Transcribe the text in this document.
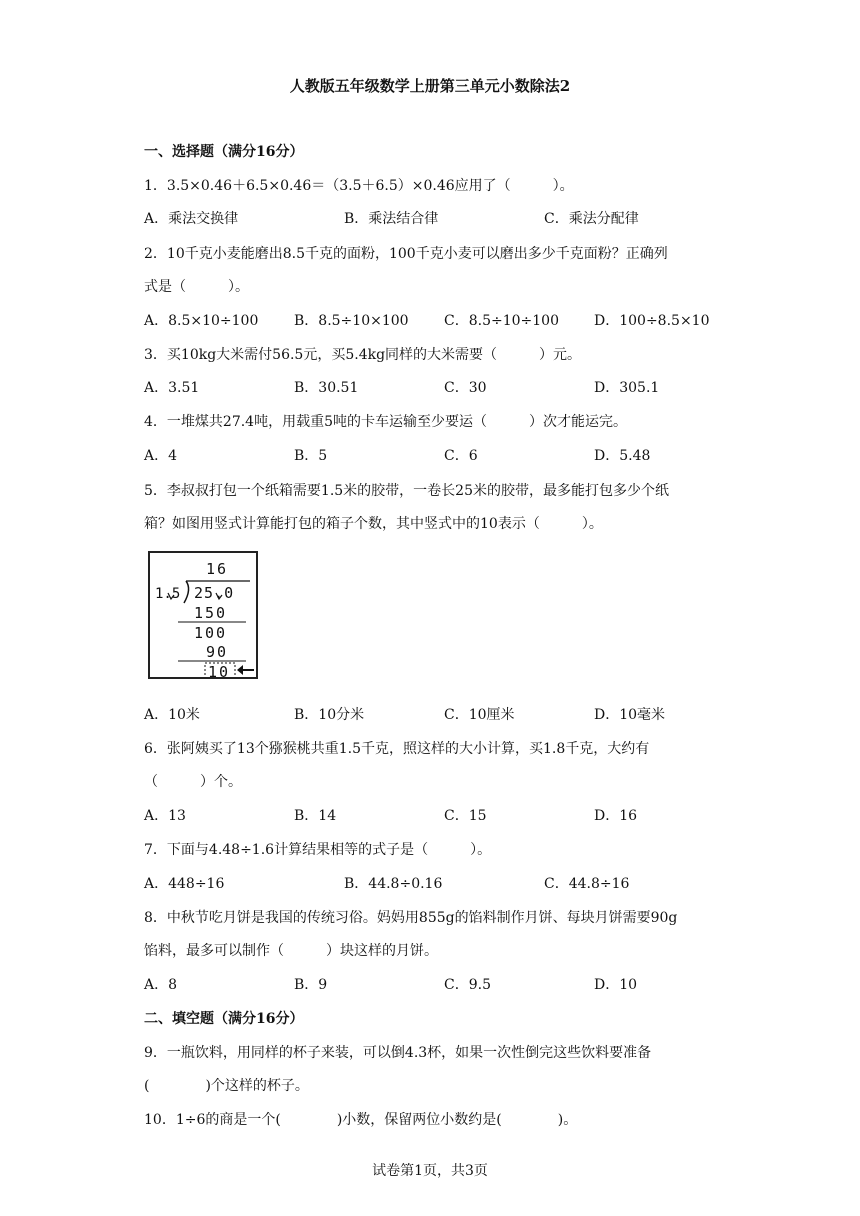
人教版五年级数学上册第三单元小数除法2
一、选择题（满分16分）
1．3.5×0.46＋6.5×0.46＝（3.5＋6.5）×0.46应用了（　　　）。
A．乘法交换律	B．乘法结合律	C．乘法分配律
2．10千克小麦能磨出8.5千克的面粉，100千克小麦可以磨出多少千克面粉？正确列
式是（　　　）。
A．8.5×10÷100	B．8.5÷10×100	C．8.5÷10÷100	D．100÷8.5×10
3．买10kg大米需付56.5元，买5.4kg同样的大米需要（　　　）元。
A．3.51	B．30.51	C．30	D．305.1
4．一堆煤共27.4吨，用载重5吨的卡车运输至少要运（　　　）次才能运完。
A．4	B．5	C．6	D．5.48
5．李叔叔打包一个纸箱需要1.5米的胶带，一卷长25米的胶带，最多能打包多少个纸
箱？如图用竖式计算能打包的箱子个数，其中竖式中的10表示（　　　）。
16
1.5 25.0
150
100
90
10
A．10米	B．10分米	C．10厘米	D．10毫米
6．张阿姨买了13个猕猴桃共重1.5千克，照这样的大小计算，买1.8千克，大约有
（　　　）个。
A．13	B．14	C．15	D．16
7．下面与4.48÷1.6计算结果相等的式子是（　　　）。
A．448÷16	B．44.8÷0.16	C．44.8÷16
8．中秋节吃月饼是我国的传统习俗。妈妈用855g的馅料制作月饼、每块月饼需要90g
馅料，最多可以制作（　　　）块这样的月饼。
A．8	B．9	C．9.5	D．10
二、填空题（满分16分）
9．一瓶饮料，用同样的杯子来装，可以倒4.3杯，如果一次性倒完这些饮料要准备
(　　　　)个这样的杯子。
10．1÷6的商是一个(　　　　)小数，保留两位小数约是(　　　　)。
试卷第1页，共3页
